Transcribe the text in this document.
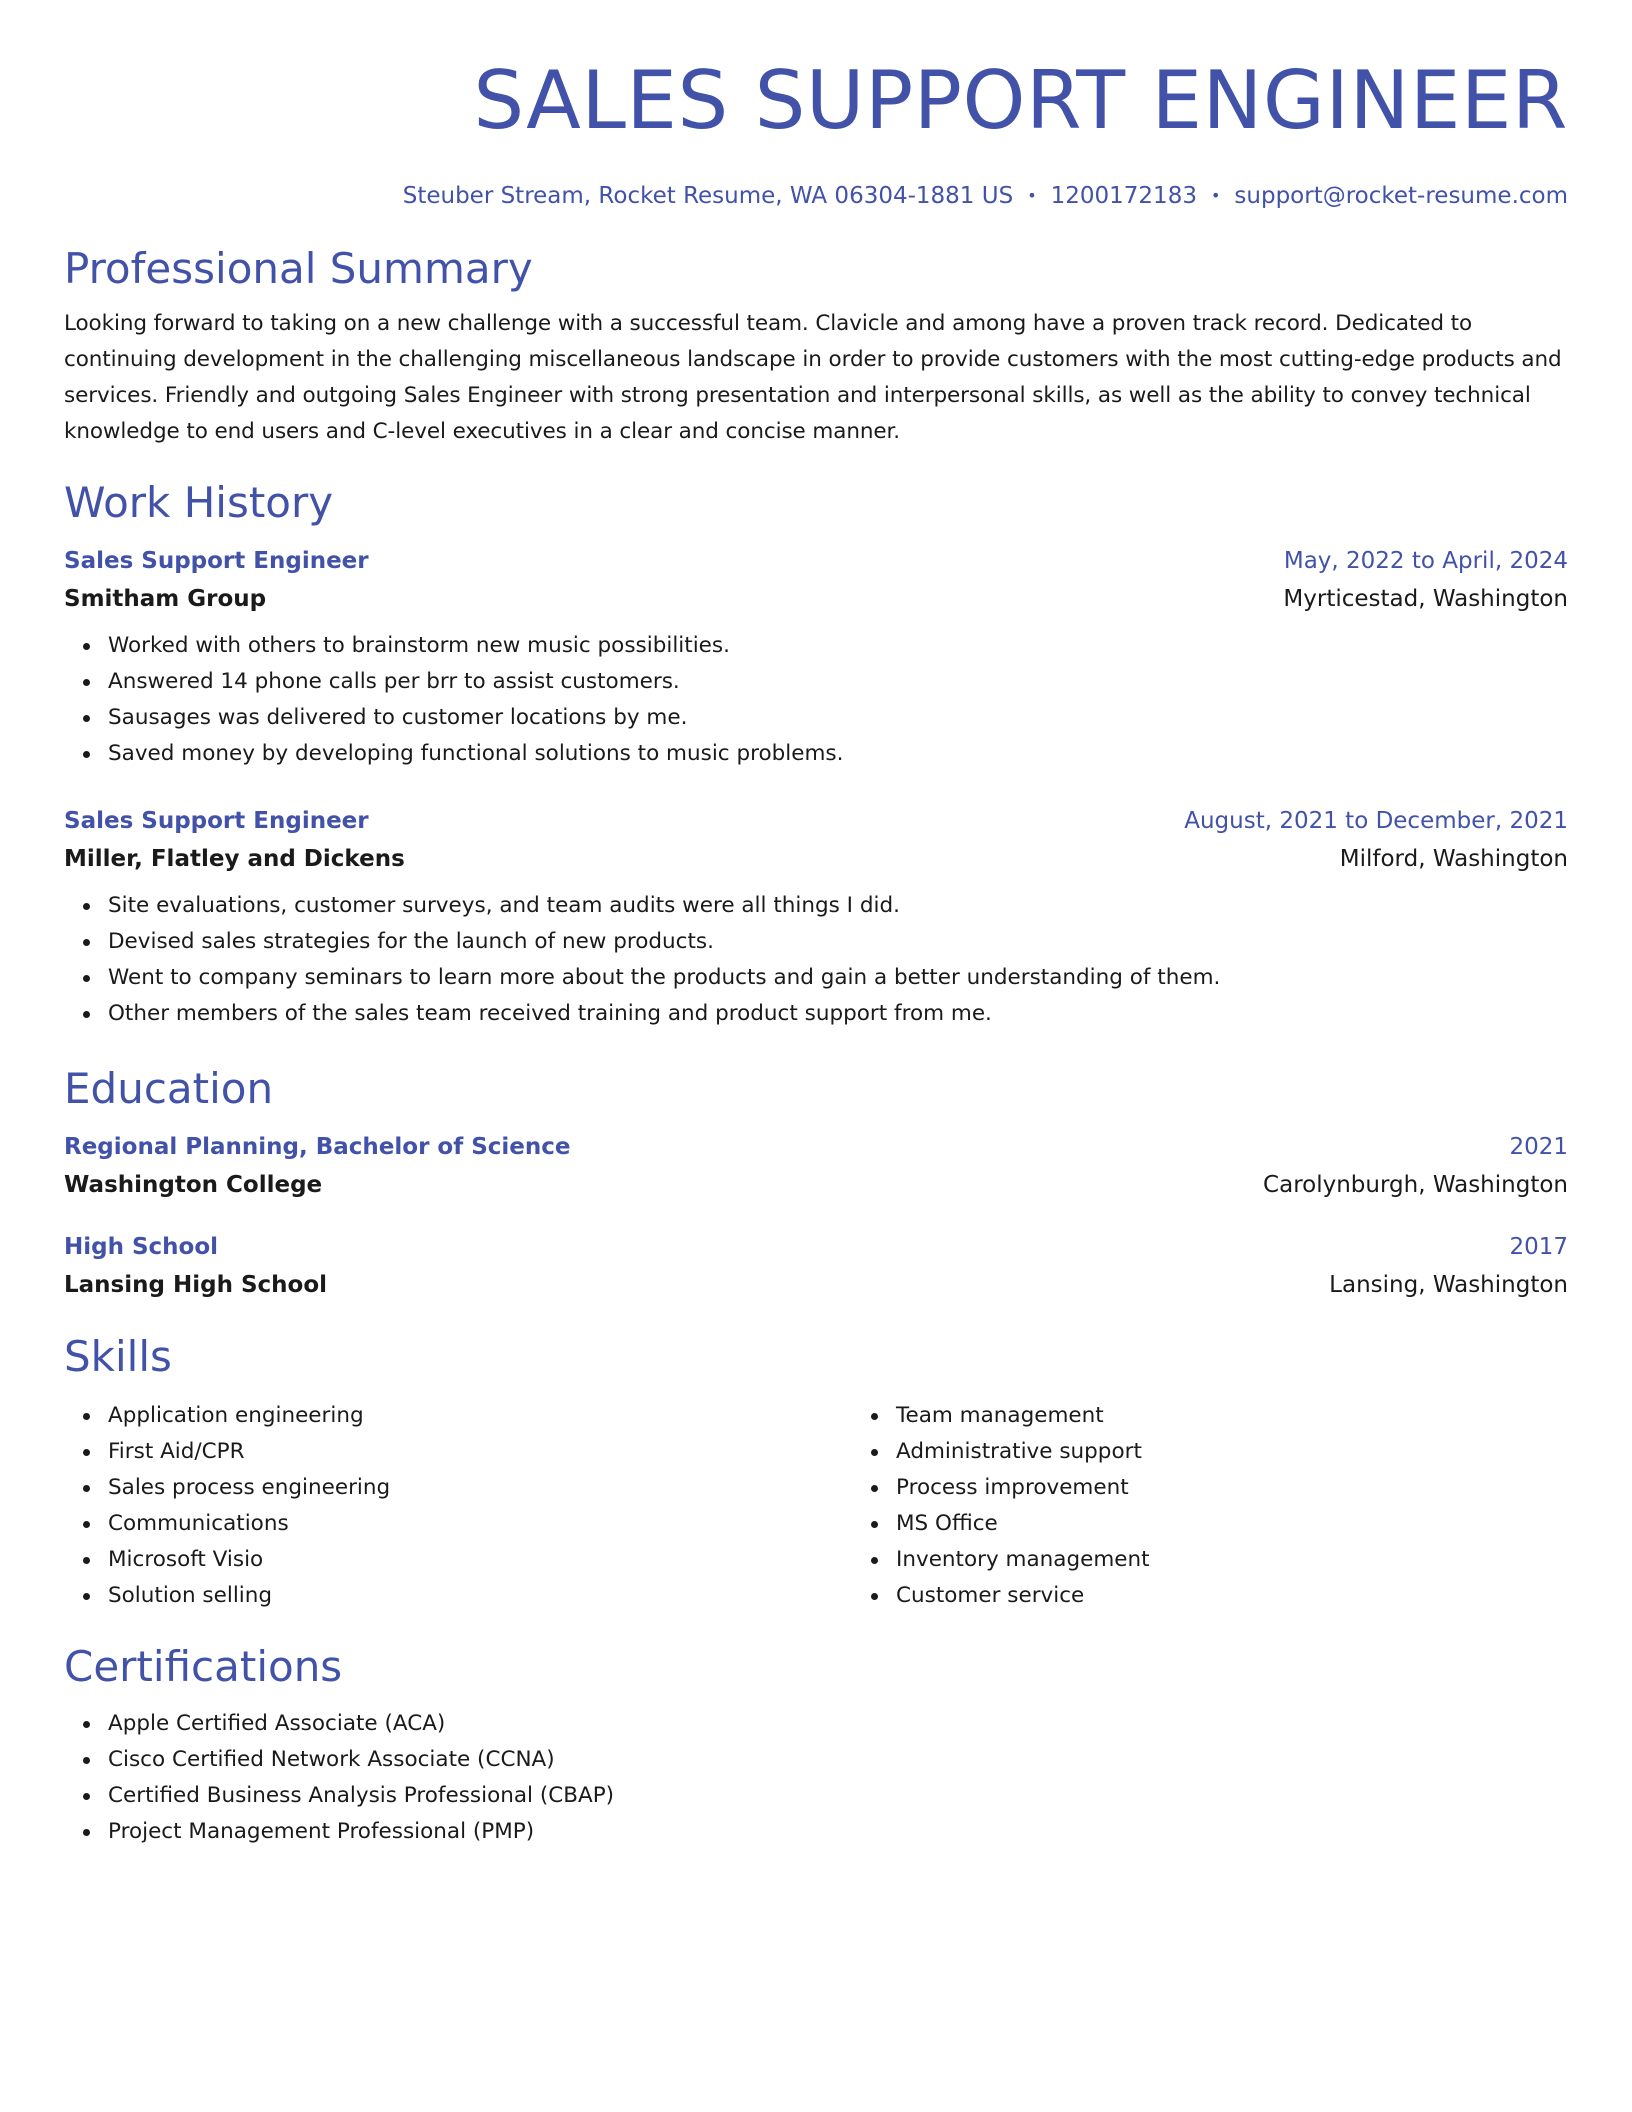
SALES SUPPORT ENGINEER
Steuber Stream, Rocket Resume, WA 06304-1881 US • 1200172183 • support@rocket-resume.com
Professional Summary

Looking forward to taking on a new challenge with a successful team. Clavicle and among have a proven track record. Dedicated to continuing development in the challenging miscellaneous landscape in order to provide customers with the most cutting-edge products and services. Friendly and outgoing Sales Engineer with strong presentation and interpersonal skills, as well as the ability to convey technical knowledge to end users and C-level executives in a clear and concise manner.

Work History
Sales Support Engineer	May, 2022 to April, 2024
Smitham Group	Myrticestad, Washington
Worked with others to brainstorm new music possibilities.
Answered 14 phone calls per brr to assist customers.
Sausages was delivered to customer locations by me.
Saved money by developing functional solutions to music problems.
Sales Support Engineer	August, 2021 to December, 2021
Miller, Flatley and Dickens	Milford, Washington
Site evaluations, customer surveys, and team audits were all things I did.
Devised sales strategies for the launch of new products.
Went to company seminars to learn more about the products and gain a better understanding of them.
Other members of the sales team received training and product support from me.
Education
Regional Planning, Bachelor of Science	2021
Washington College	Carolynburgh, Washington
High School	2017
Lansing High School	Lansing, Washington
Skills
Application engineering
First Aid/CPR
Sales process engineering
Communications
Microsoft Visio
Solution selling
Team management
Administrative support
Process improvement
MS Office
Inventory management
Customer service
Certifications
Apple Certified Associate (ACA)
Cisco Certified Network Associate (CCNA)
Certified Business Analysis Professional (CBAP)
Project Management Professional (PMP)
